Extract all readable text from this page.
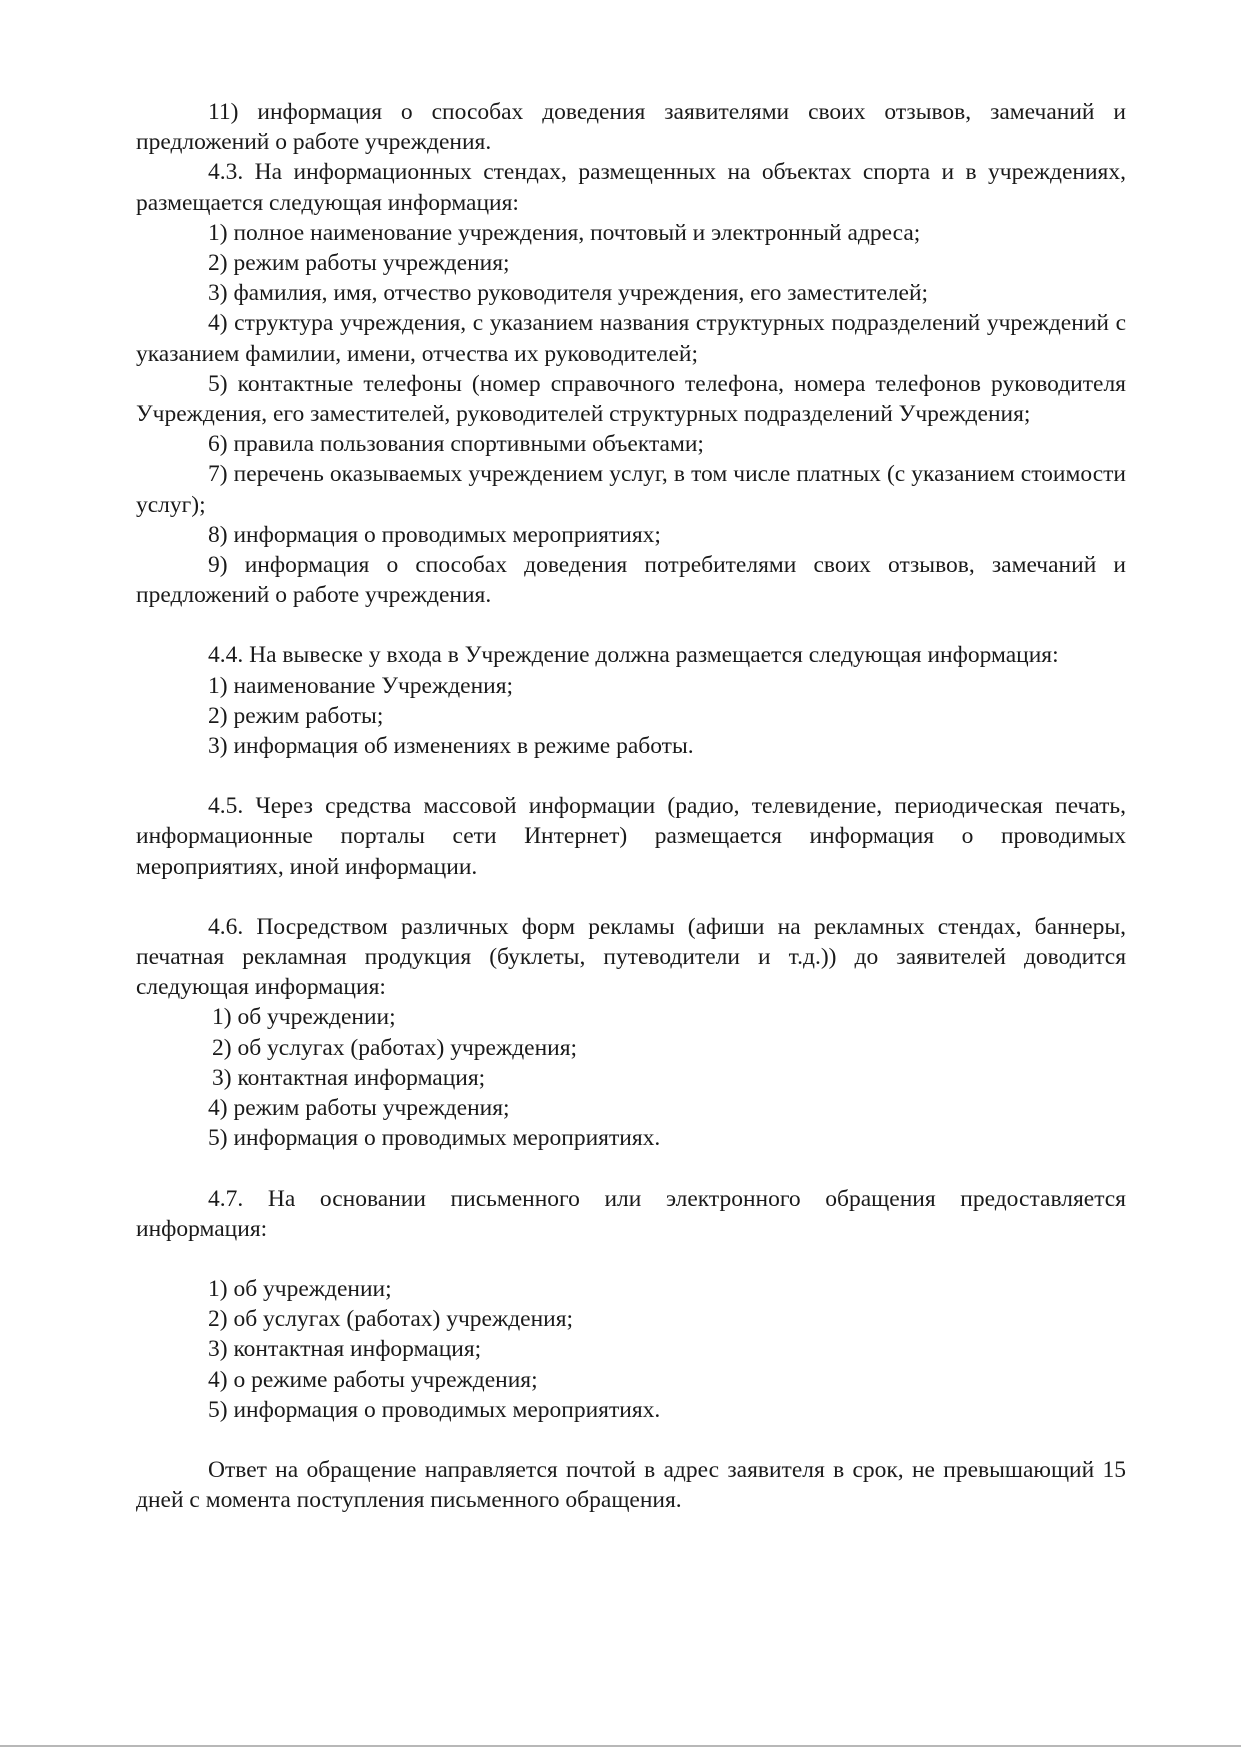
11) информация о способах доведения заявителями своих отзывов, замечаний и предложений о работе учреждения.

4.3. На информационных стендах, размещенных на объектах спорта и в учреждениях, размещается следующая информация:

1) полное наименование учреждения, почтовый и электронный адреса;

2) режим работы учреждения;

3) фамилия, имя, отчество руководителя учреждения, его заместителей;

4) структура учреждения, с указанием названия структурных подразделений учреждений с указанием фамилии, имени, отчества их руководителей;

5) контактные телефоны (номер справочного телефона, номера телефонов руководителя Учреждения, его заместителей, руководителей структурных подразделений Учреждения;

6) правила пользования спортивными объектами;

7) перечень оказываемых учреждением услуг, в том числе платных (с указанием стоимости услуг);

8) информация о проводимых мероприятиях;

9) информация о способах доведения потребителями своих отзывов, замечаний и предложений о работе учреждения.

4.4. На вывеске у входа в Учреждение должна размещается следующая информация:

1) наименование Учреждения;

2) режим работы;

3) информация об изменениях в режиме работы.

4.5. Через средства массовой информации (радио, телевидение, периодическая печать, информационные порталы сети Интернет) размещается информация о проводимых мероприятиях, иной информации.

4.6. Посредством различных форм рекламы (афиши на рекламных стендах, баннеры, печатная рекламная продукция (буклеты, путеводители и т.д.)) до заявителей доводится следующая информация:

1) об учреждении;

2) об услугах (работах) учреждения;

3) контактная информация;

4) режим работы учреждения;

5) информация о проводимых мероприятиях.

4.7. На основании письменного или электронного обращения предоставляется информация:

1) об учреждении;

2) об услугах (работах) учреждения;

3) контактная информация;

4) о режиме работы учреждения;

5) информация о проводимых мероприятиях.

Ответ на обращение направляется почтой в адрес заявителя в срок, не превышающий 15 дней с момента поступления письменного обращения.
